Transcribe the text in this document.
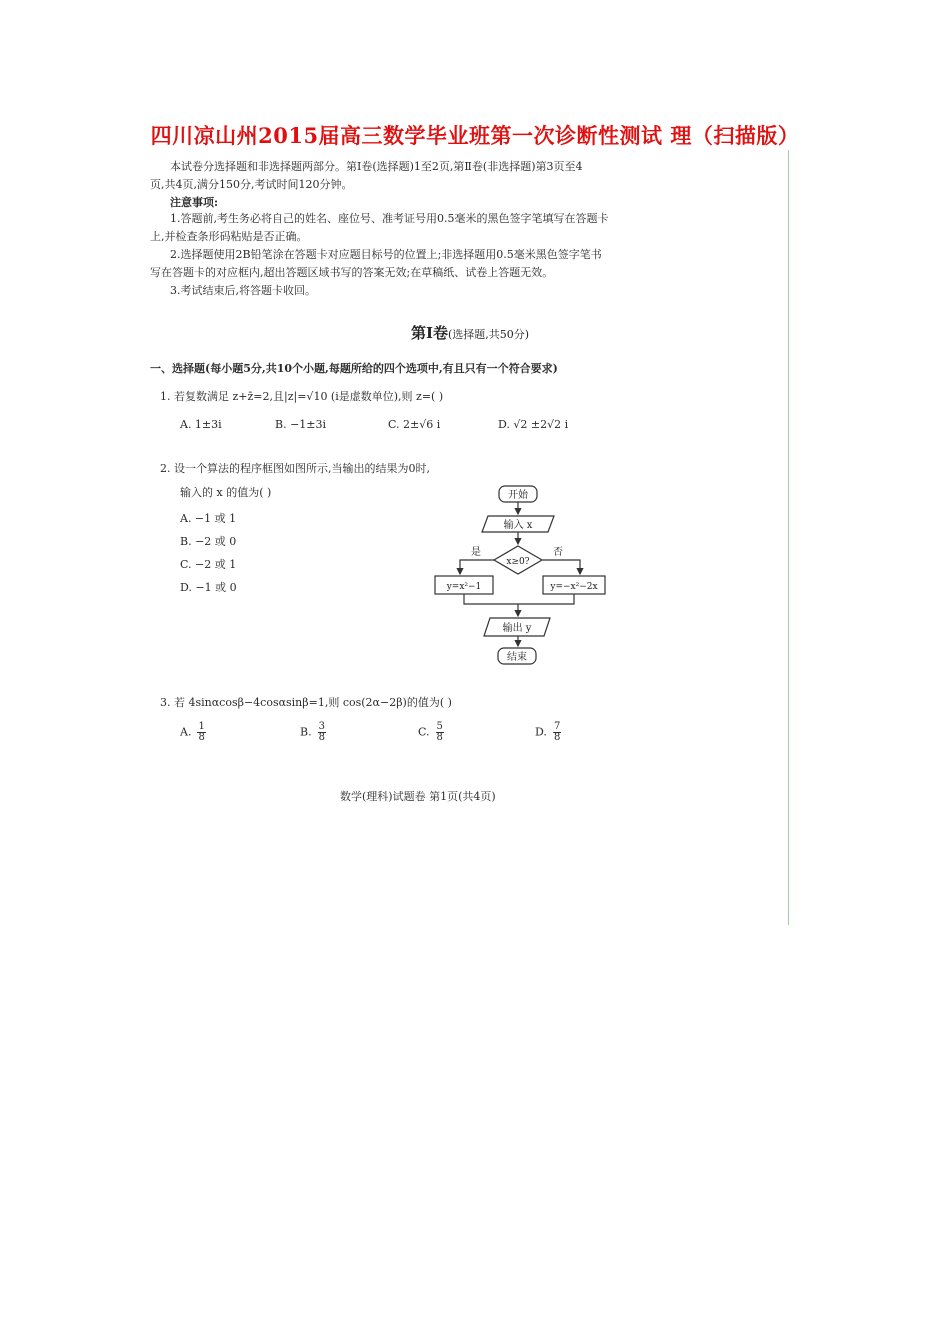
四川凉山州2015届高三数学毕业班第一次诊断性测试 理（扫描版）
本试卷分选择题和非选择题两部分。第Ⅰ卷(选择题)1至2页,第Ⅱ卷(非选择题)第3页至4
页,共4页,满分150分,考试时间120分钟。
注意事项:
1.答题前,考生务必将自己的姓名、座位号、准考证号用0.5毫米的黑色签字笔填写在答题卡
上,并检查条形码粘贴是否正确。
2.选择题使用2B铅笔涂在答题卡对应题目标号的位置上;非选择题用0.5毫米黑色签字笔书
写在答题卡的对应框内,超出答题区域书写的答案无效;在草稿纸、试卷上答题无效。
3.考试结束后,将答题卡收回。
第Ⅰ卷(选择题,共50分)
一、选择题(每小题5分,共10个小题,每题所给的四个选项中,有且只有一个符合要求)
1. 若复数满足 z+z̄=2,且|z|=√10 (i是虚数单位),则 z=( )
A. 1±3i	B. −1±3i	C. 2±√6 i	D. √2 ±2√2 i
2. 设一个算法的程序框图如图所示,当输出的结果为0时,
输入的 x 的值为( )
A. −1 或 1
B. −2 或 0
C. −2 或 1
D. −1 或 0
开始
输入 x
x≥0?
是	否
y=x²−1	y=−x²−2x
输出 y
结束
3. 若 4sinαcosβ−4cosαsinβ=1,则 cos(2α−2β)的值为( )
A. $\frac{1}{8}$	B. $\frac{3}{8}$	C. $\frac{5}{8}$	D. $\frac{7}{8}$
数学(理科)试题卷 第1页(共4页)
